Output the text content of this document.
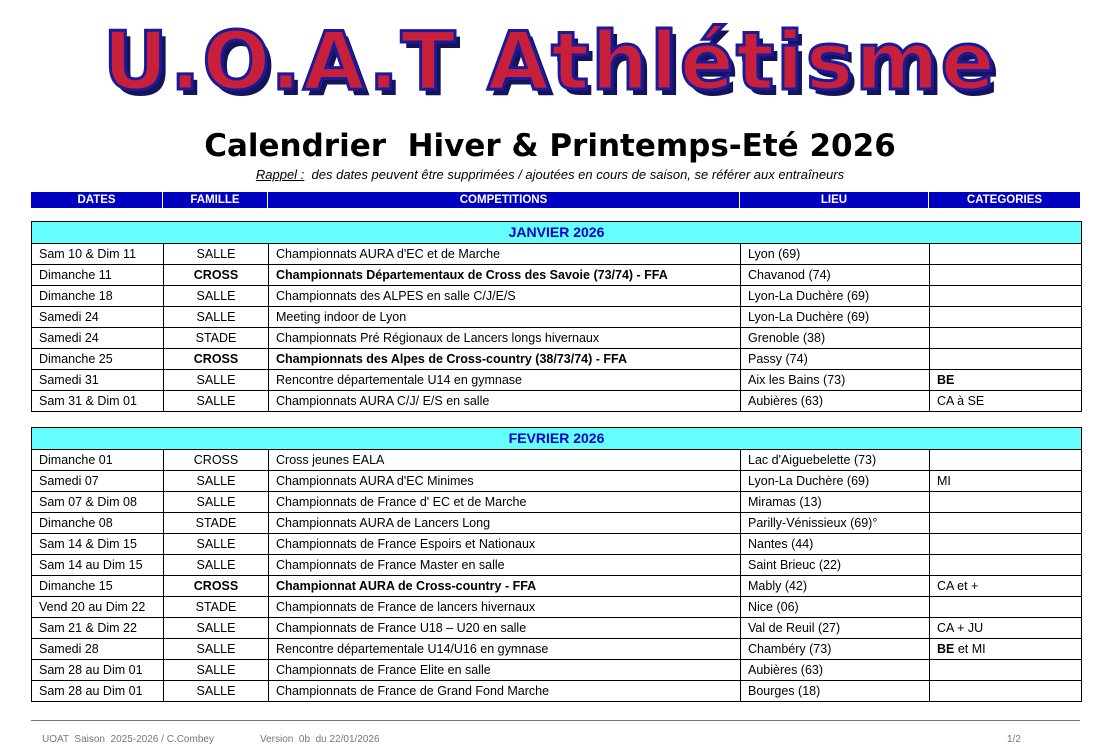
U.O.A.T Athlétisme
Calendrier  Hiver & Printemps-Eté 2026
Rappel :  des dates peuvent être supprimées / ajoutées en cours de saison, se référer aux entraîneurs
DATES	FAMILLE	COMPETITIONS	LIEU	CATEGORIES
JANVIER 2026				
Sam 10 & Dim 11	SALLE	Championnats AURA d'EC et de Marche	Lyon (69)	
Dimanche 11	CROSS	Championnats Départementaux de Cross des Savoie (73/74) - FFA	Chavanod (74)	
Dimanche 18	SALLE	Championnats des ALPES en salle C/J/E/S	Lyon-La Duchère (69)	
Samedi 24	SALLE	Meeting indoor de Lyon	Lyon-La Duchère (69)	
Samedi 24	STADE	Championnats Pré Régionaux de Lancers longs hivernaux	Grenoble (38)	
Dimanche 25	CROSS	Championnats des Alpes de Cross-country (38/73/74) - FFA	Passy (74)	
Samedi 31	SALLE	Rencontre départementale U14 en gymnase	Aix les Bains (73)	BE
Sam 31 & Dim 01	SALLE	Championnats AURA C/J/ E/S en salle	Aubières (63)	CA à SE
FEVRIER 2026				
Dimanche 01	CROSS	Cross jeunes EALA	Lac d'Aiguebelette (73)	
Samedi 07	SALLE	Championnats AURA d'EC Minimes	Lyon-La Duchère (69)	MI
Sam 07 & Dim 08	SALLE	Championnats de France d' EC et de Marche	Miramas (13)	
Dimanche 08	STADE	Championnats AURA de Lancers Long	Parilly-Vénissieux (69)°	
Sam 14 & Dim 15	SALLE	Championnats de France Espoirs et Nationaux	Nantes (44)	
Sam 14 au Dim 15	SALLE	Championnats de France Master en salle	Saint Brieuc (22)	
Dimanche 15	CROSS	Championnat AURA de Cross-country - FFA	Mably (42)	CA et +
Vend 20 au Dim 22	STADE	Championnats de France de lancers hivernaux	Nice (06)	
Sam 21 & Dim 22	SALLE	Championnats de France U18 – U20 en salle	Val de Reuil (27)	CA + JU
Samedi 28	SALLE	Rencontre départementale U14/U16 en gymnase	Chambéry (73)	BE et MI
Sam 28 au Dim 01	SALLE	Championnats de France Elite en salle	Aubières (63)	
Sam 28 au Dim 01	SALLE	Championnats de France de Grand Fond Marche	Bourges (18)	
UOAT  Saison  2025-2026 / C.Combey	Version  0b  du 22/01/2026	1/2
